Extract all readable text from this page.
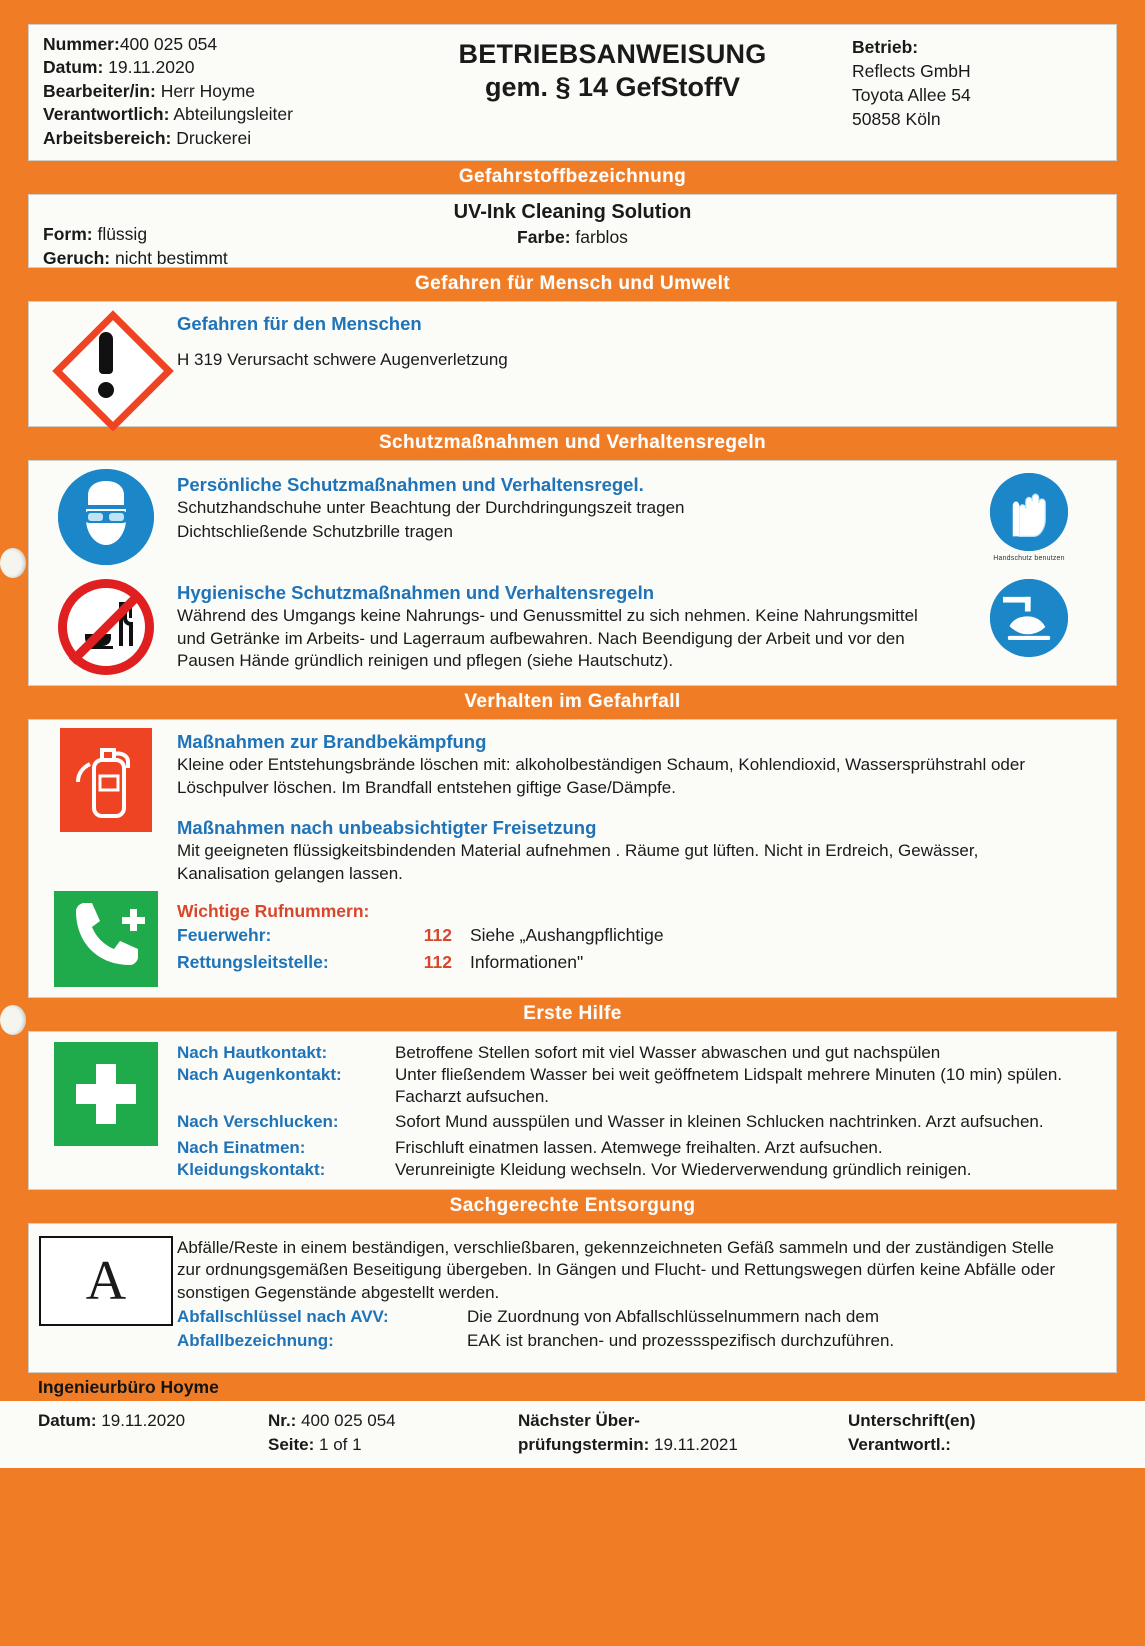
Nummer:400 025 054
Datum: 19.11.2020
Bearbeiter/in: Herr Hoyme
Verantwortlich: Abteilungsleiter
Arbeitsbereich: Druckerei
BETRIEBSANWEISUNG
gem. § 14 GefStoffV
Betrieb:
Reflects GmbH
Toyota Allee 54
50858 Köln
Gefahrstoffbezeichnung
UV-Ink Cleaning Solution
Farbe: farblos
Form: flüssig
Geruch: nicht bestimmt
Gefahren für Mensch und Umwelt
Gefahren für den Menschen
H 319 Verursacht schwere Augenverletzung
Schutzmaßnahmen und Verhaltensregeln
Persönliche Schutzmaßnahmen und Verhaltensregel.
Schutzhandschuhe unter Beachtung der Durchdringungszeit tragen
Dichtschließende Schutzbrille tragen
Handschutz benutzen
Hygienische Schutzmaßnahmen und Verhaltensregeln
Während des Umgangs keine Nahrungs- und Genussmittel zu sich nehmen. Keine Nahrungsmittel und Getränke im Arbeits- und Lagerraum aufbewahren. Nach Beendigung der Arbeit und vor den Pausen Hände gründlich reinigen und pflegen (siehe Hautschutz).
Verhalten im Gefahrfall
Maßnahmen zur Brandbekämpfung
Kleine oder Entstehungsbrände löschen mit: alkoholbeständigen Schaum, Kohlendioxid, Wassersprühstrahl oder Löschpulver löschen. Im Brandfall entstehen giftige Gase/Dämpfe.
Maßnahmen nach unbeabsichtigter Freisetzung
Mit geeigneten flüssigkeitsbindenden Material aufnehmen . Räume gut lüften. Nicht in Erdreich, Gewässer, Kanalisation gelangen lassen.
Wichtige Rufnummern:
Feuerwehr:	112	Siehe „Aushangpflichtige
Rettungsleitstelle:	112	Informationen"
Erste Hilfe
Nach Hautkontakt:	Betroffene Stellen sofort mit viel Wasser abwaschen und gut nachspülen
Nach Augenkontakt:	Unter fließendem Wasser bei weit geöffnetem Lidspalt mehrere Minuten (10 min) spülen. Facharzt aufsuchen.
Nach Verschlucken:	Sofort Mund ausspülen und Wasser in kleinen Schlucken nachtrinken. Arzt aufsuchen.
Nach Einatmen:	Frischluft einatmen lassen. Atemwege freihalten. Arzt aufsuchen.
Kleidungskontakt:	Verunreinigte Kleidung wechseln. Vor Wiederverwendung gründlich reinigen.
Sachgerechte Entsorgung
A
Abfälle/Reste in einem beständigen, verschließbaren, gekennzeichneten Gefäß sammeln und der zuständigen Stelle zur ordnungsgemäßen Beseitigung übergeben. In Gängen und Flucht- und Rettungswegen dürfen keine Abfälle oder sonstigen Gegenstände abgestellt werden.
Abfallschlüssel nach AVV:	Die Zuordnung von Abfallschlüsselnummern nach dem
Abfallbezeichnung:	EAK ist branchen- und prozessspezifisch durchzuführen.
Ingenieurbüro Hoyme
Datum: 19.11.2020	Nr.: 400 025 054
Seite: 1 of 1
Nächster Über-
prüfungstermin: 19.11.2021
Unterschrift(en)
Verantwortl.:
